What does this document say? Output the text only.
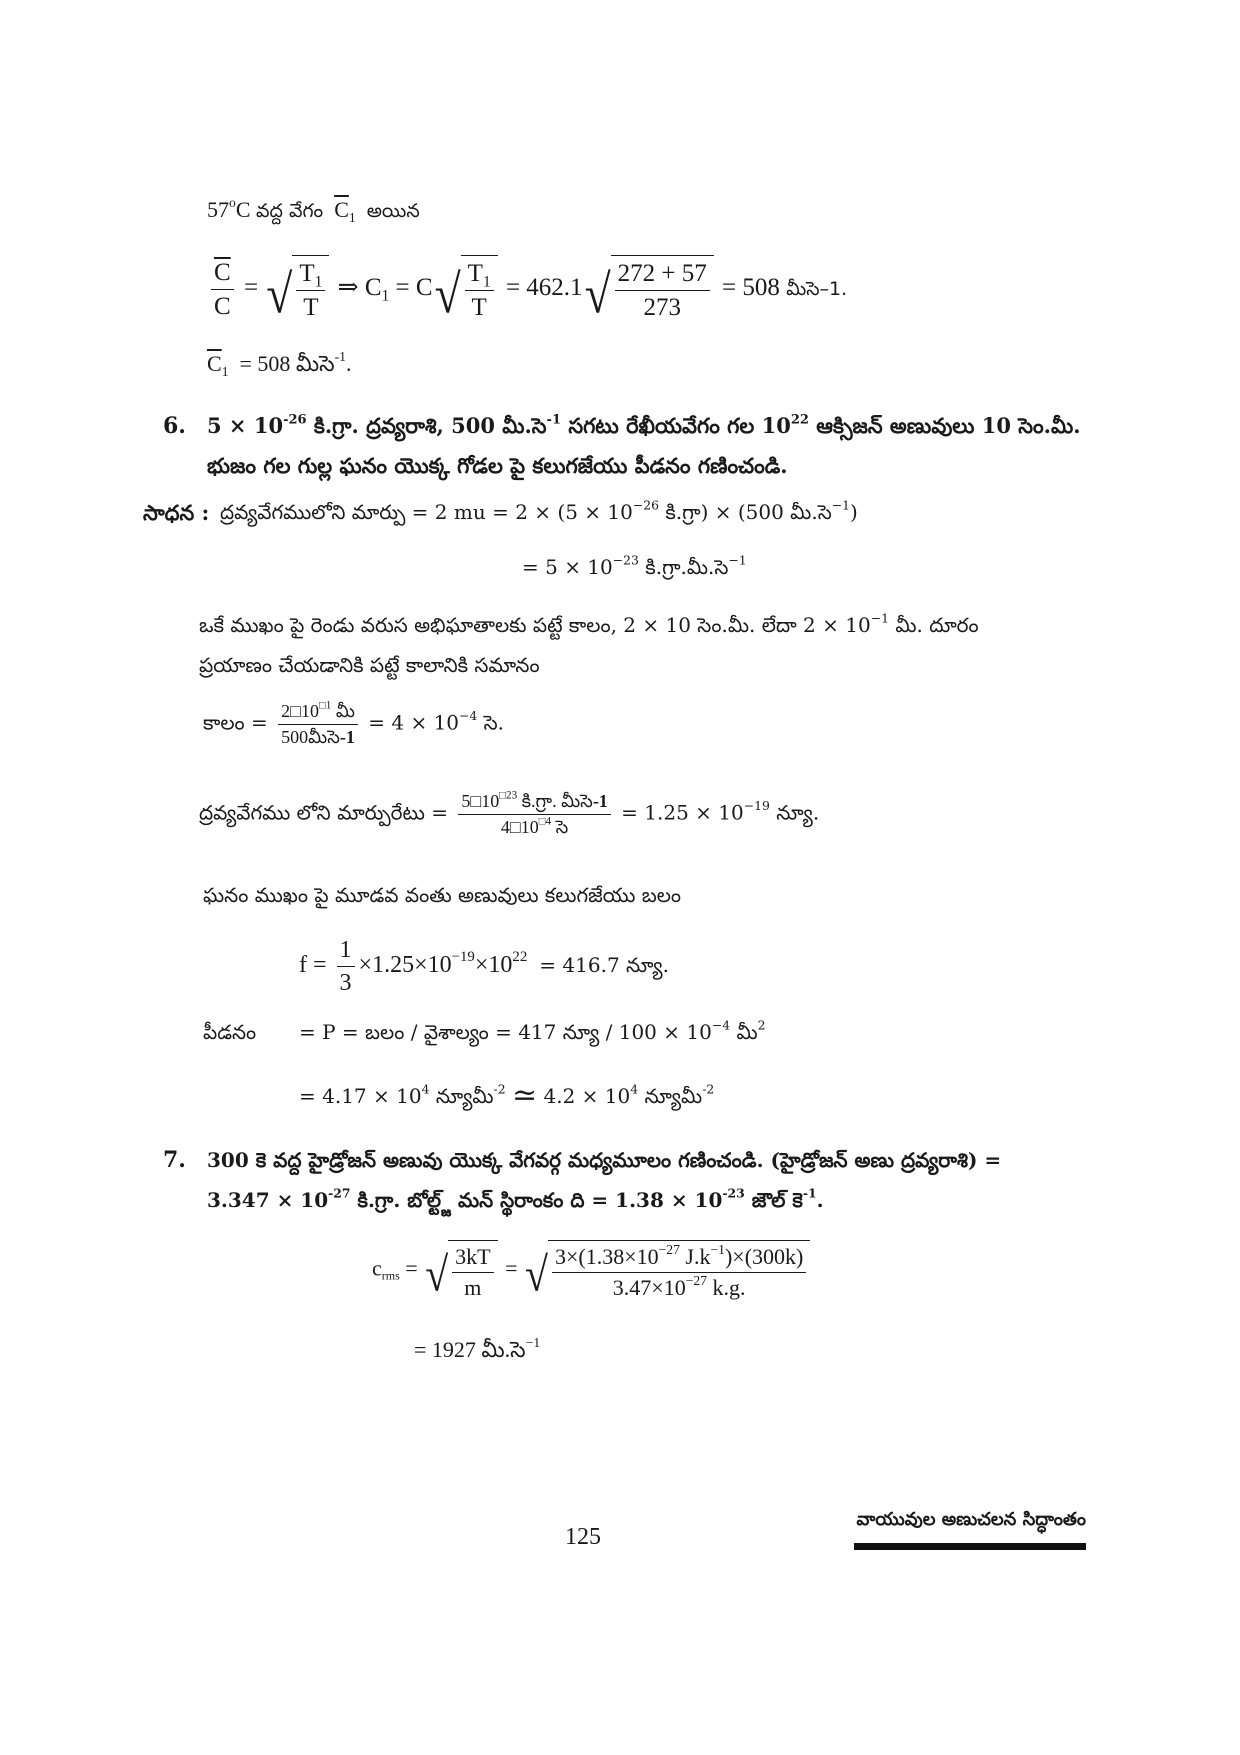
57$^o$C వద్ద వేగం $\overline{C}_1$ అయిన
$\frac{\overline{C}}{C}$ = √ $\frac{T_1}{T}$ ⇒ $C_1 = C$ √ $\frac{T_1}{T} = 462.1$ √ $\frac{272 + 57}{273} = 508$ మీసె–1.
$\overline{C}_1 = 508$ మీసె$^{-1}$.
6. $5 \times 10^{-26}$ కి.గ్రా. ద్రవ్యరాశి, 500 మీ.సె$^{-1}$ సగటు రేఖీయవేగం గల $10^{22}$ ఆక్సిజన్ అణువులు 10 సెం.మీ.
భుజం గల గుల్ల ఘనం యొక్క గోడల పై కలుగజేయు పీడనం గణించండి.
సాధన : ద్రవ్యవేగములోని మార్పు = 2 mu = $2 \times (5 \times 10^{-26}$ కి.గ్రా) × (500 మీ.సె$^{-1}$)
= $5 \times 10^{-23}$ కి.గ్రా.మీ.సె$^{-1}$
ఒకే ముఖం పై రెండు వరుస అభిఘాతాలకు పట్టే కాలం, 2 × 10 సెం.మీ. లేదా $2 \times 10^{-1}$ మీ. దూరం
ప్రయాణం చేయడానికి పట్టే కాలానికి సమానం
కాలం = $\frac{2□10^{□1} మీ}{\text{500మీసె-1}} = 4 \times 10^{-4}$ సె.
ద్రవ్యవేగము లోని మార్పురేటు = $\frac{5□10^{□23} కి.గ్రా. మీసె-1}{4□10^{□4} సె} = 1.25 \times 10^{-19}$ న్యూ.
ఘనం ముఖం పై మూడవ వంతు అణువులు కలుగజేయు బలం
$f = \frac{1}{3} \times 1.25\times 10^{-19}\times 10^{22} = 416.7$ న్యూ.
పీడనం = P = బలం / వైశాల్యం = 417 న్యూ / $100 \times 10^{-4}$ మీ$^2$
= $4.17 \times 10^4$ న్యూమీ$^{-2}$ ≃ $4.2 \times 10^4$ న్యూమీ$^{-2}$
7. 300 కె వద్ద హైడ్రోజన్ అణువు యొక్క వేగవర్గ మధ్యమూలం గణించండి. (హైడ్రోజన్ అణు ద్రవ్యరాశి) =
$3.347 \times 10^{-27}$ కి.గ్రా. బోల్ట్జ్ మన్ స్థిరాంకం ది = $1.38 \times 10^{-23}$ జౌల్ కె$^{-1}$.
$c_{rms}$ = √ $\frac{3kT}{m}$ = √ $\frac{3\times(1.38\times 10^{-27} J.k^{-1})\times(300k)}{3.47\times 10^{-27} k.g.}$
= 1927 మీ.సె$^{-1}$
125
వాయువుల అణుచలన సిద్ధాంతం
